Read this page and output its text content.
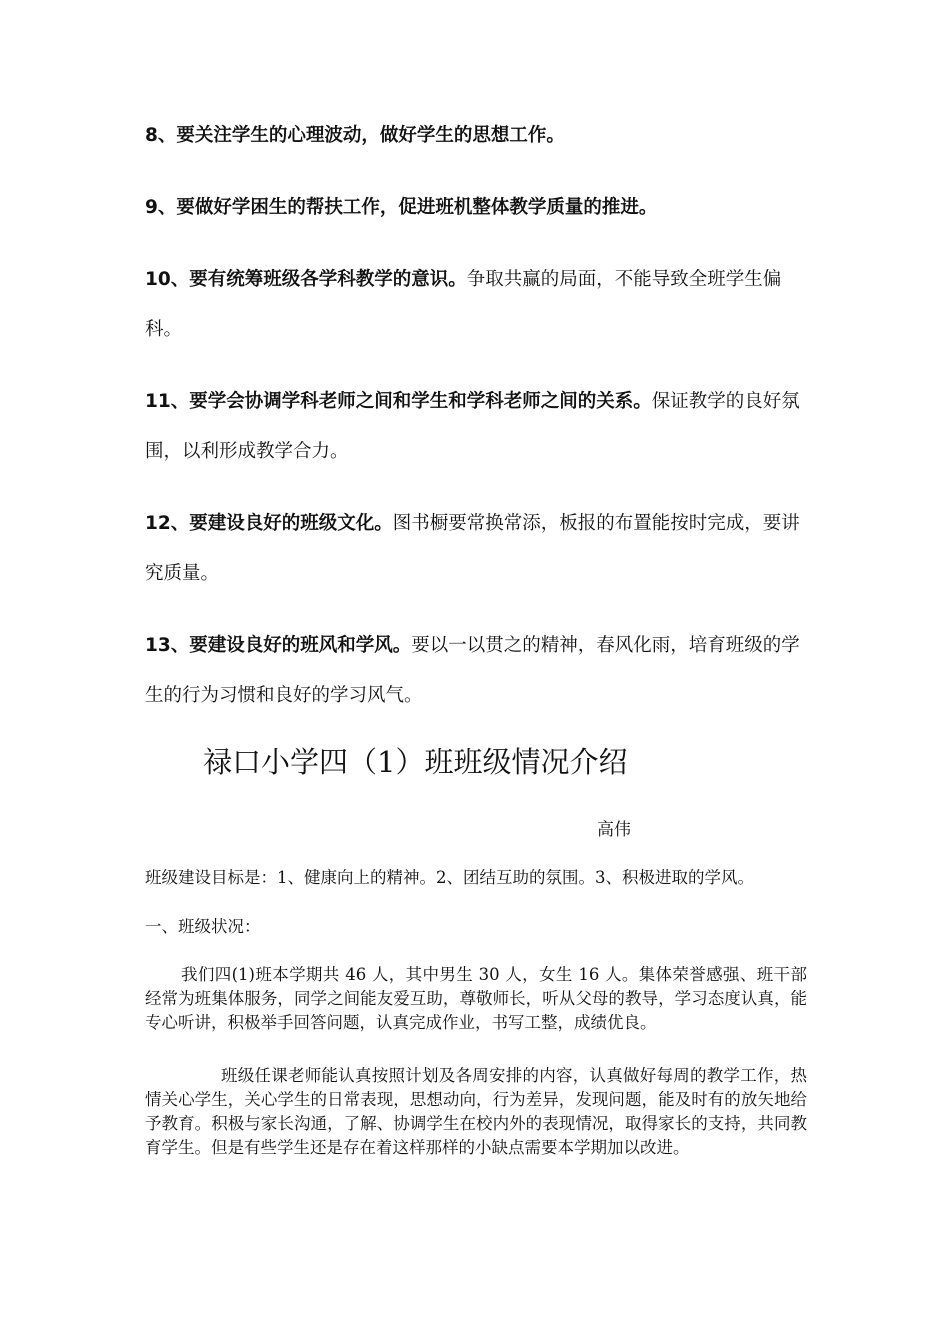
8、要关注学生的心理波动，做好学生的思想工作。

9、要做好学困生的帮扶工作，促进班机整体教学质量的推进。

10、要有统筹班级各学科教学的意识。争取共赢的局面，不能导致全班学生偏科。

11、要学会协调学科老师之间和学生和学科老师之间的关系。保证教学的良好氛围，以利形成教学合力。

12、要建设良好的班级文化。图书橱要常换常添，板报的布置能按时完成，要讲究质量。

13、要建设良好的班风和学风。要以一以贯之的精神，春风化雨，培育班级的学生的行为习惯和良好的学习风气。

禄口小学四（1）班班级情况介绍

高伟

班级建设目标是：1、健康向上的精神。2、团结互助的氛围。3、积极进取的学风。

一、班级状况：

我们四(1)班本学期共 46 人，其中男生 30 人，女生 16 人。集体荣誉感强、班干部经常为班集体服务，同学之间能友爱互助，尊敬师长，听从父母的教导，学习态度认真，能专心听讲，积极举手回答问题，认真完成作业，书写工整，成绩优良。

班级任课老师能认真按照计划及各周安排的内容，认真做好每周的教学工作，热情关心学生，关心学生的日常表现，思想动向，行为差异，发现问题，能及时有的放矢地给予教育。积极与家长沟通，了解、协调学生在校内外的表现情况，取得家长的支持，共同教育学生。但是有些学生还是存在着这样那样的小缺点需要本学期加以改进。
